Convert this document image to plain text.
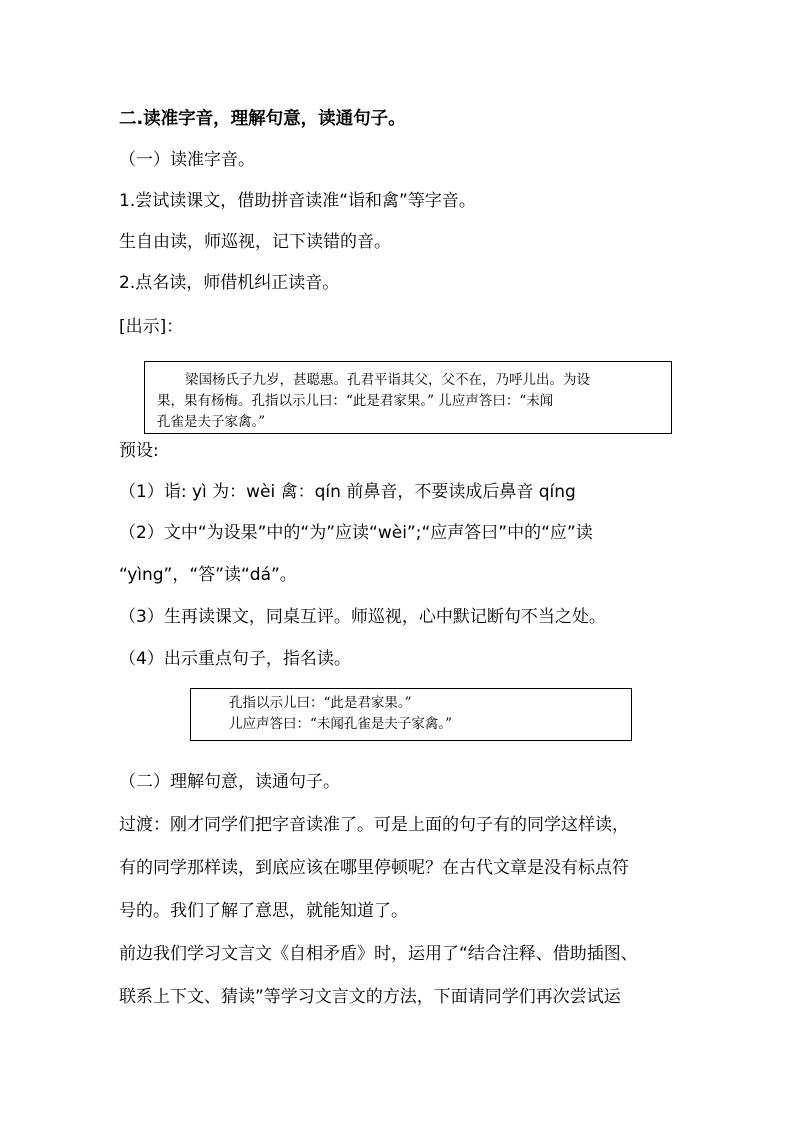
二.读准字音，理解句意，读通句子。
（一）读准字音。
1.尝试读课文，借助拼音读准“诣和禽”等字音。
生自由读，师巡视，记下读错的音。
2.点名读，师借机纠正读音。
[出示]：
梁国杨氏子九岁，甚聪惠。孔君平诣其父，父不在，乃呼儿出。为设
果，果有杨梅。孔指以示儿曰：“此是君家果。” 儿应声答曰：“未闻
孔雀是夫子家禽。”
预设:
（1）诣: yì 为：wèi 禽：qín 前鼻音，不要读成后鼻音 qíng
（2）文中“为设果”中的“为”应读“wèi”;“应声答曰”中的“应”读
“yìng”，“答”读“dá”。
（3）生再读课文，同桌互评。师巡视，心中默记断句不当之处。
（4）出示重点句子，指名读。
孔指以示儿曰：“此是君家果。”
儿应声答曰：“未闻孔雀是夫子家禽。”
（二）理解句意，读通句子。
过渡：刚才同学们把字音读准了。可是上面的句子有的同学这样读，
有的同学那样读，到底应该在哪里停顿呢？在古代文章是没有标点符
号的。我们了解了意思，就能知道了。
前边我们学习文言文《自相矛盾》时，运用了“结合注释、借助插图、
联系上下文、猜读”等学习文言文的方法，下面请同学们再次尝试运
